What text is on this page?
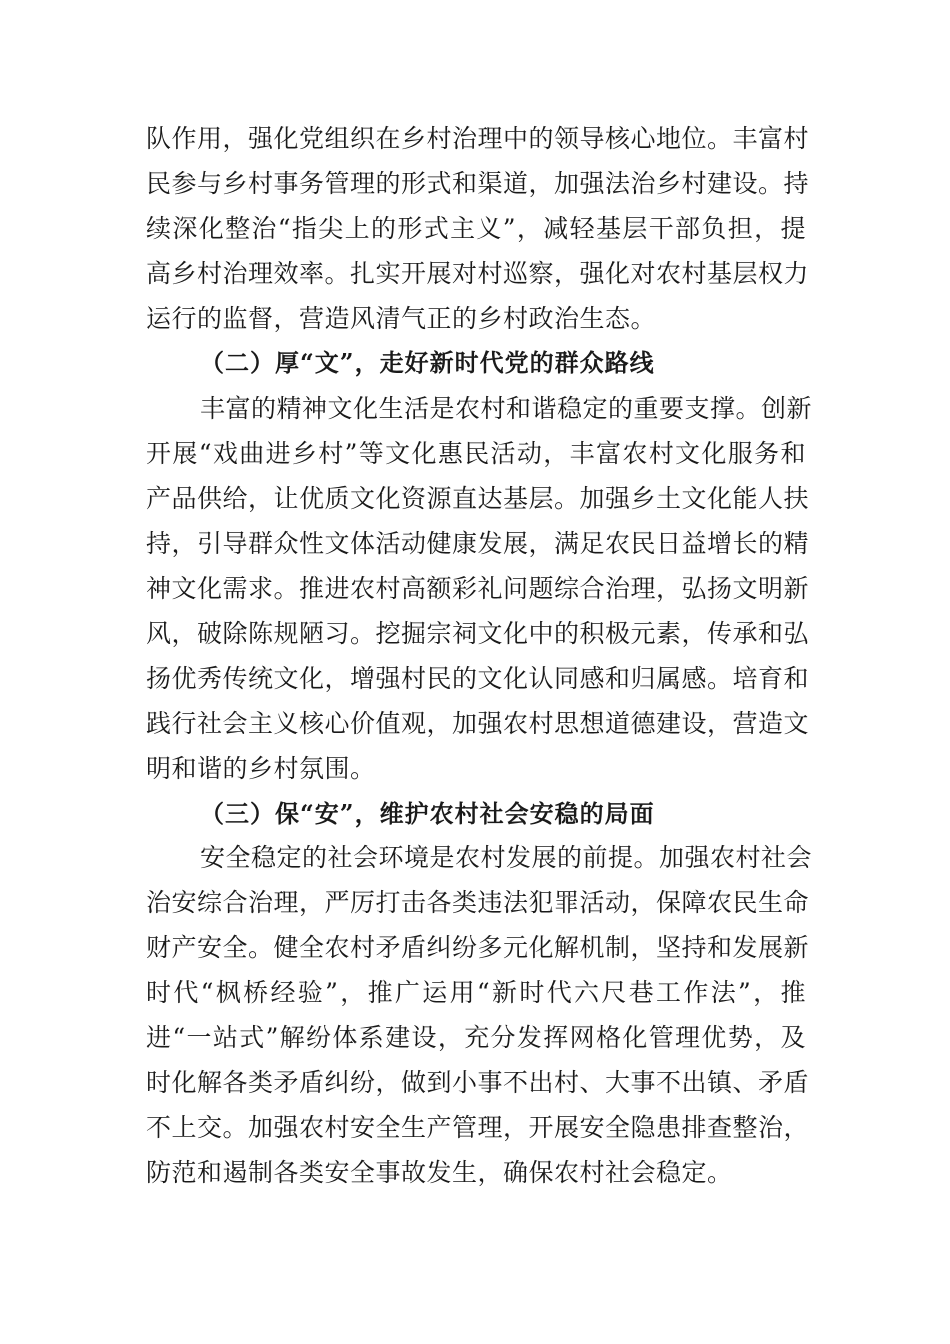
队作用，强化党组织在乡村治理中的领导核心地位。丰富村
民参与乡村事务管理的形式和渠道，加强法治乡村建设。持
续深化整治“指尖上的形式主义”，减轻基层干部负担，提
高乡村治理效率。扎实开展对村巡察，强化对农村基层权力
运行的监督，营造风清气正的乡村政治生态。
（二）厚“文”，走好新时代党的群众路线
丰富的精神文化生活是农村和谐稳定的重要支撑。创新
开展“戏曲进乡村”等文化惠民活动，丰富农村文化服务和
产品供给，让优质文化资源直达基层。加强乡土文化能人扶
持，引导群众性文体活动健康发展，满足农民日益增长的精
神文化需求。推进农村高额彩礼问题综合治理，弘扬文明新
风，破除陈规陋习。挖掘宗祠文化中的积极元素，传承和弘
扬优秀传统文化，增强村民的文化认同感和归属感。培育和
践行社会主义核心价值观，加强农村思想道德建设，营造文
明和谐的乡村氛围。
（三）保“安”，维护农村社会安稳的局面
安全稳定的社会环境是农村发展的前提。加强农村社会
治安综合治理，严厉打击各类违法犯罪活动，保障农民生命
财产安全。健全农村矛盾纠纷多元化解机制，坚持和发展新
时代“枫桥经验”，推广运用“新时代六尺巷工作法”，推
进“一站式”解纷体系建设，充分发挥网格化管理优势，及
时化解各类矛盾纠纷，做到小事不出村、大事不出镇、矛盾
不上交。加强农村安全生产管理，开展安全隐患排查整治，
防范和遏制各类安全事故发生，确保农村社会稳定。
